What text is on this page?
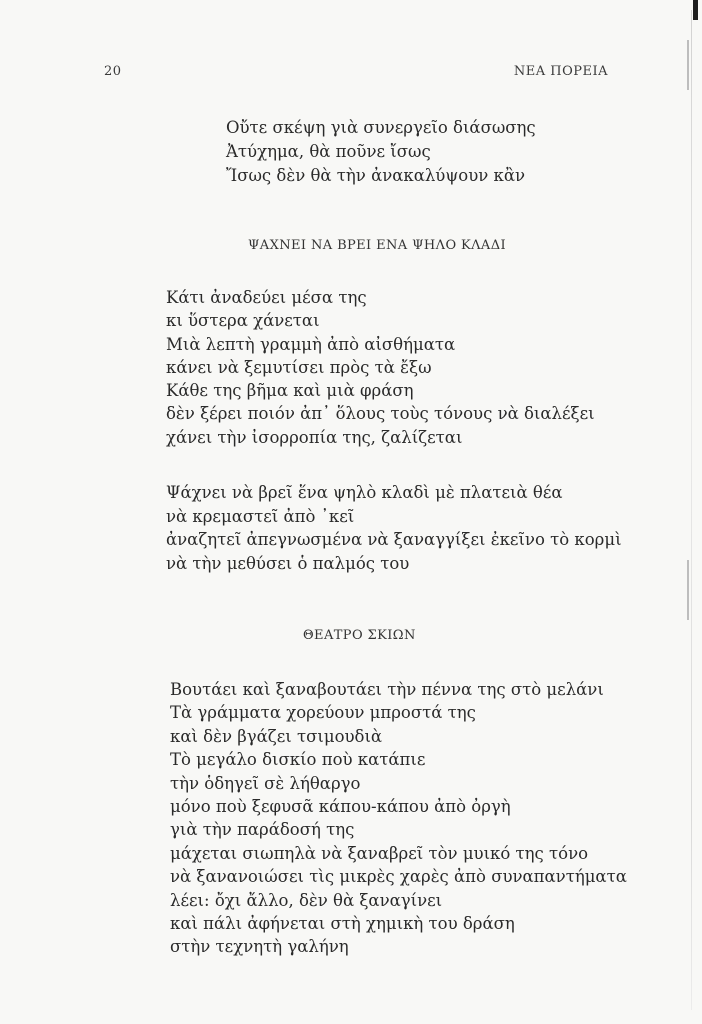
20	ΝΕΑ ΠΟΡΕΙΑ
Οὔτε σκέψη γιὰ συνεργεῖο διάσωσης
Ἀτύχημα, θὰ ποῦνε ἴσως
Ἴσως δὲν θὰ τὴν ἀνακαλύψουν κἂν
ΨΑΧΝΕΙ ΝΑ ΒΡΕΙ ΕΝΑ ΨΗΛΟ ΚΛΑΔΙ
Κάτι ἀναδεύει μέσα της
κι ὕστερα χάνεται
Μιὰ λεπτὴ γραμμὴ ἀπὸ αἰσθήματα
κάνει νὰ ξεμυτίσει πρὸς τὰ ἔξω
Κάθε της βῆμα καὶ μιὰ φράση
δὲν ξέρει ποιόν ἀπ᾽ ὅλους τοὺς τόνους νὰ διαλέξει
χάνει τὴν ἰσορροπία της, ζαλίζεται
Ψάχνει νὰ βρεῖ ἕνα ψηλὸ κλαδὶ μὲ πλατειὰ θέα
νὰ κρεμαστεῖ ἀπὸ ᾽κεῖ
ἀναζητεῖ ἀπεγνωσμένα νὰ ξαναγγίξει ἐκεῖνο τὸ κορμὶ
νὰ τὴν μεθύσει ὁ παλμός του
ΘΕΑΤΡΟ ΣΚΙΩΝ
Βουτάει καὶ ξαναβουτάει τὴν πέννα της στὸ μελάνι
Τὰ γράμματα χορεύουν μπροστά της
καὶ δὲν βγάζει τσιμουδιὰ
Τὸ μεγάλο δισκίο ποὺ κατάπιε
τὴν ὁδηγεῖ σὲ λήθαργο
μόνο ποὺ ξεφυσᾶ κάπου-κάπου ἀπὸ ὀργὴ
γιὰ τὴν παράδοσή της
μάχεται σιωπηλὰ νὰ ξαναβρεῖ τὸν μυικό της τόνο
νὰ ξανανοιώσει τὶς μικρὲς χαρὲς ἀπὸ συναπαντήματα
λέει: ὄχι ἄλλο, δὲν θὰ ξαναγίνει
καὶ πάλι ἀφήνεται στὴ χημικὴ του δράση
στὴν τεχνητὴ γαλήνη
